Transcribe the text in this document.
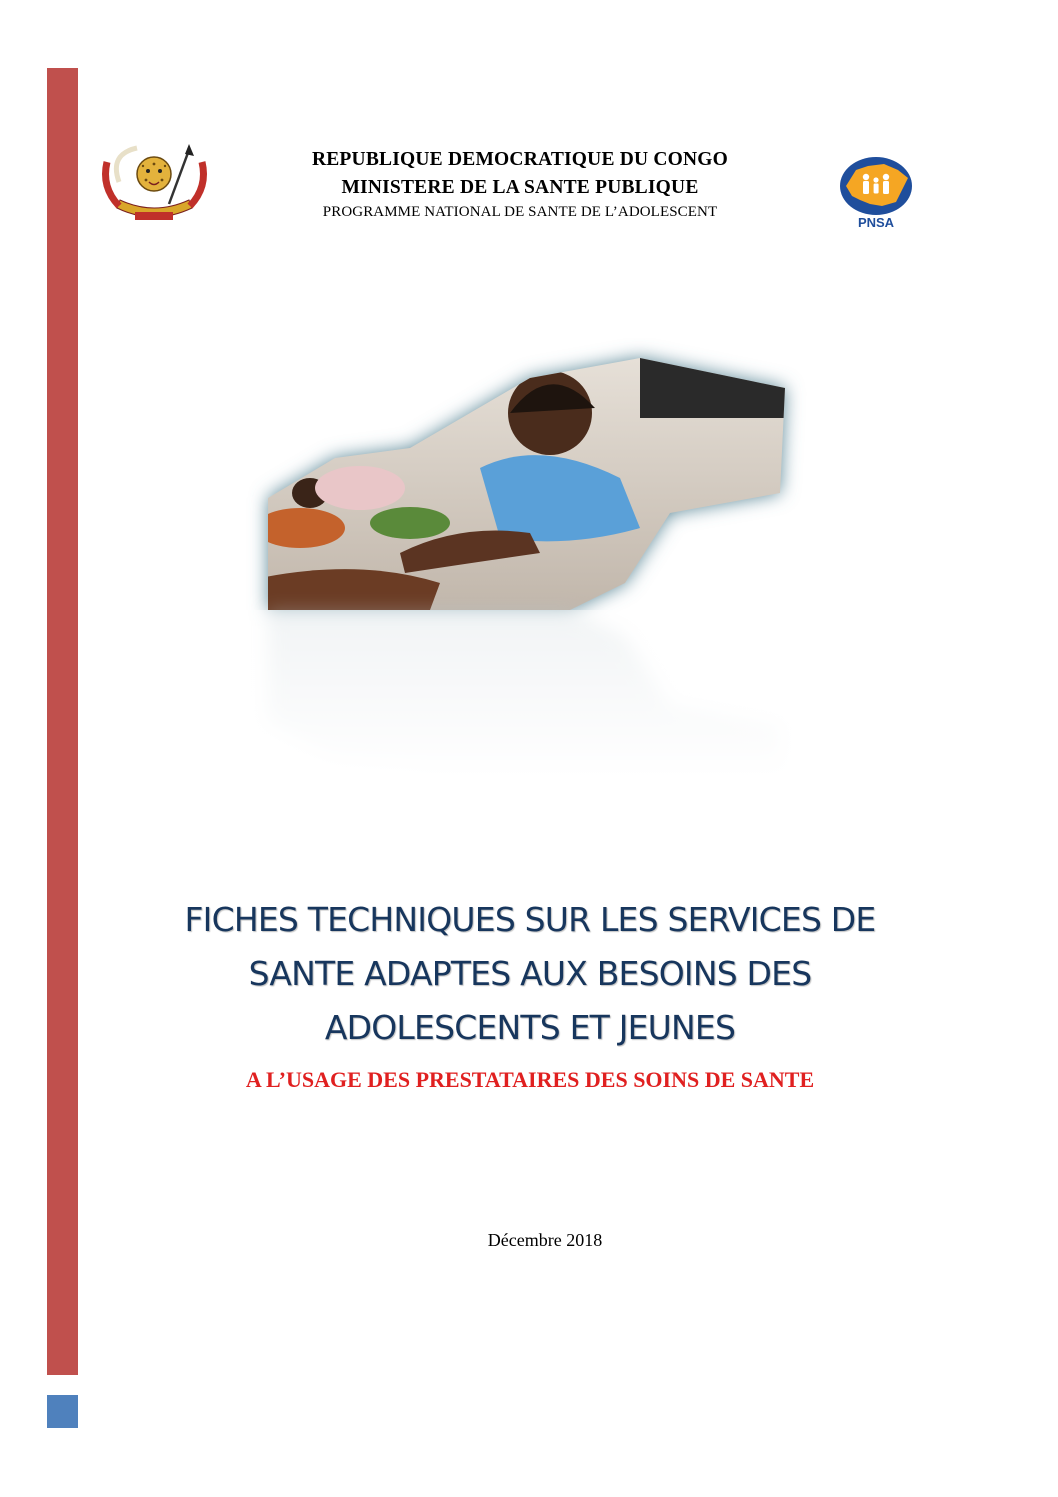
PNSA
REPUBLIQUE DEMOCRATIQUE DU CONGO
MINISTERE DE LA SANTE PUBLIQUE
PROGRAMME NATIONAL DE SANTE DE L’ADOLESCENT
FICHES TECHNIQUES SUR LES SERVICES DE
SANTE ADAPTES AUX BESOINS DES
ADOLESCENTS ET JEUNES
A L’USAGE DES PRESTATAIRES DES SOINS DE SANTE
Décembre 2018
